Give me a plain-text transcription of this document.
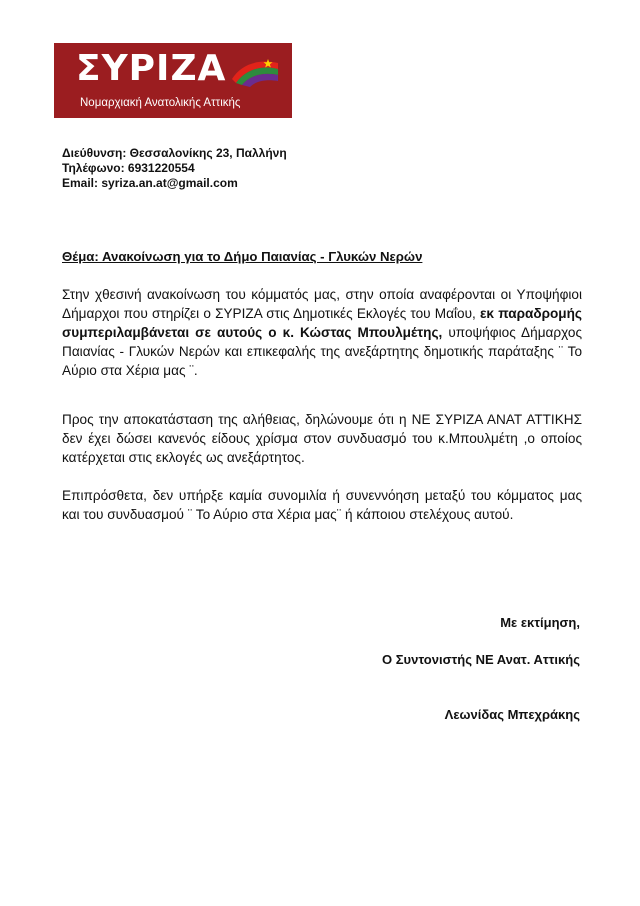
ΣΥΡΙΖΑ
Νομαρχιακή Ανατολικής Αττικής
Διεύθυνση: Θεσσαλονίκης 23, Παλλήνη
Τηλέφωνο: 6931220554
Email: syriza.an.at@gmail.com
Θέμα: Ανακοίνωση για το Δήμο Παιανίας - Γλυκών Νερών
Στην χθεσινή ανακοίνωση του κόμματός μας, στην οποία αναφέρονται οι Υποψήφιοι Δήμαρχοι που στηρίζει ο ΣΥΡΙΖΑ στις Δημοτικές Εκλογές του Μαΐου, εκ παραδρομής συμπεριλαμβάνεται σε αυτούς ο κ. Κώστας Μπουλμέτης, υποψήφιος Δήμαρχος Παιανίας - Γλυκών Νερών και επικεφαλής της ανεξάρτητης δημοτικής παράταξης ¨ Το Αύριο στα Χέρια μας ¨.
Προς την αποκατάσταση της αλήθειας, δηλώνουμε ότι η ΝΕ ΣΥΡΙΖΑ ΑΝΑΤ ΑΤΤΙΚΗΣ δεν έχει δώσει κανενός είδους χρίσμα στον συνδυασμό του κ.Μπουλμέτη ,ο οποίος κατέρχεται στις εκλογές ως ανεξάρτητος.
Επιπρόσθετα, δεν υπήρξε καμία συνομιλία ή συνεννόηση μεταξύ του κόμματος μας και του συνδυασμού ¨ Το Αύριο στα Χέρια μας¨ ή κάποιου στελέχους αυτού.
Με εκτίμηση,
Ο Συντονιστής ΝΕ Ανατ. Αττικής
Λεωνίδας Μπεχράκης
